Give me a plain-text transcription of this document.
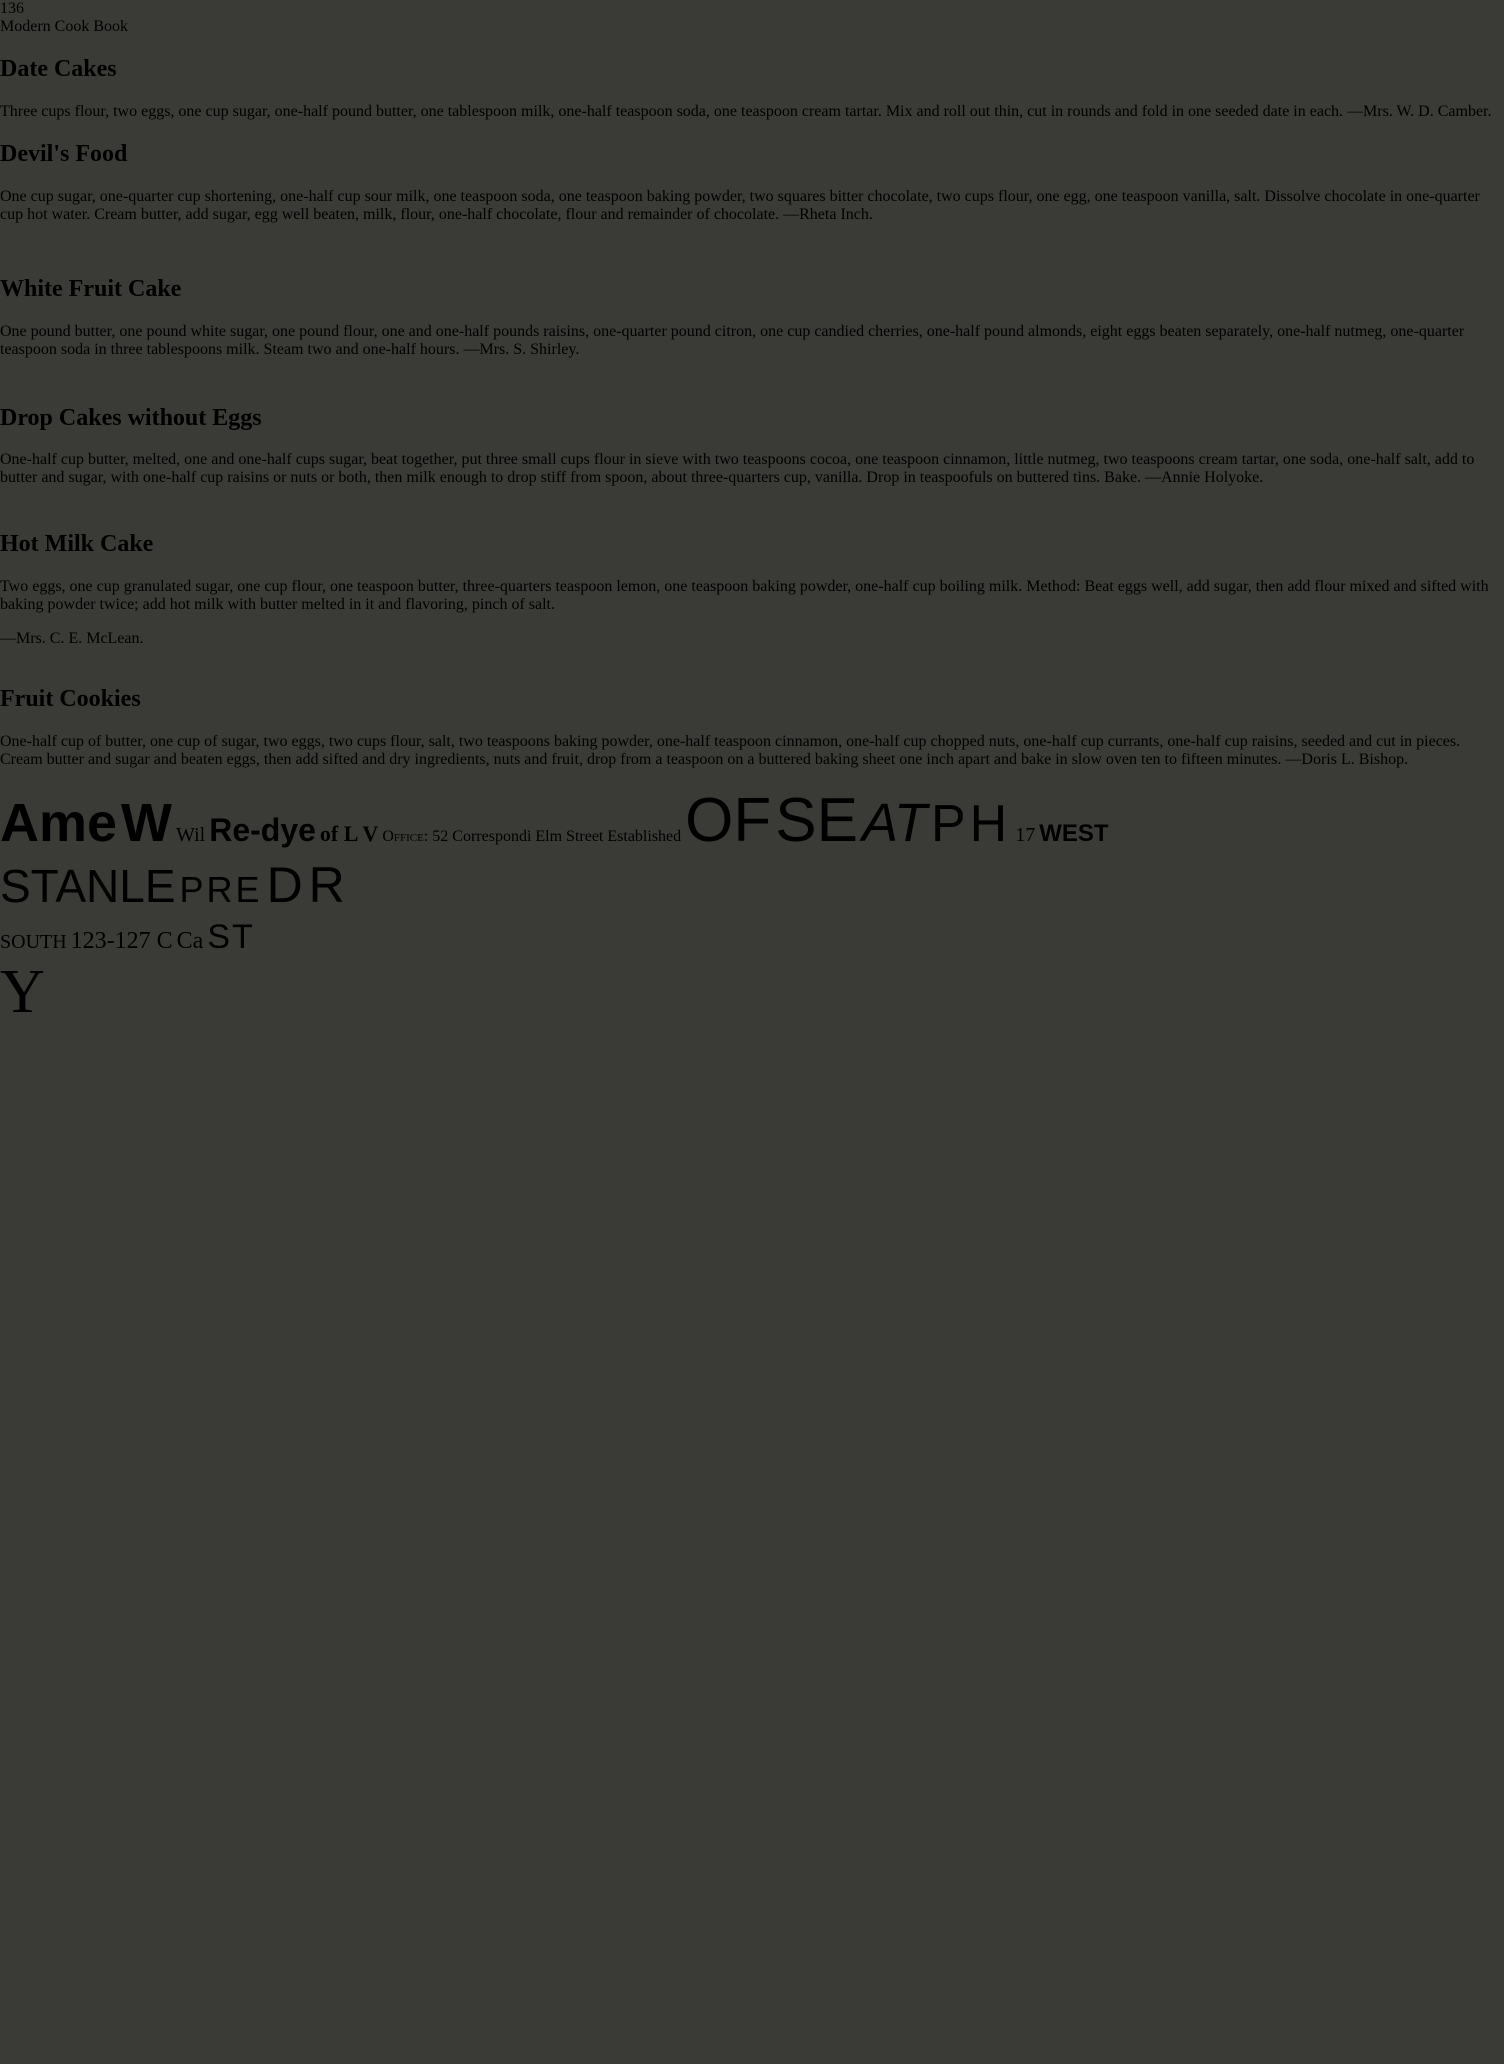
136
Modern Cook Book
Date Cakes

Three cups flour, two eggs, one cup sugar, one-half pound butter, one tablespoon milk, one-half teaspoon soda, one teaspoon cream tartar. Mix and roll out thin, cut in rounds and fold in one seeded date in each. —Mrs. W. D. Camber.

Devil's Food

One cup sugar, one-quarter cup shortening, one-half cup sour milk, one teaspoon soda, one teaspoon baking powder, two squares bitter chocolate, two cups flour, one egg, one teaspoon vanilla, salt. Dissolve chocolate in one-quarter cup hot water. Cream butter, add sugar, egg well beaten, milk, flour, one-half chocolate, flour and remainder of chocolate. —Rheta Inch.

White Fruit Cake

One pound butter, one pound white sugar, one pound flour, one and one-half pounds raisins, one-quarter pound citron, one cup candied cherries, one-half pound almonds, eight eggs beaten separately, one-half nutmeg, one-quarter teaspoon soda in three tablespoons milk. Steam two and one-half hours. —Mrs. S. Shirley.

Drop Cakes without Eggs

One-half cup butter, melted, one and one-half cups sugar, beat together, put three small cups flour in sieve with two teaspoons cocoa, one teaspoon cinnamon, little nutmeg, two teaspoons cream tartar, one soda, one-half salt, add to butter and sugar, with one-half cup raisins or nuts or both, then milk enough to drop stiff from spoon, about three-quarters cup, vanilla. Drop in teaspoofuls on buttered tins. Bake. —Annie Holyoke.

Hot Milk Cake

Two eggs, one cup granulated sugar, one cup flour, one teaspoon butter, three-quarters teaspoon lemon, one teaspoon baking powder, one-half cup boiling milk. Method: Beat eggs well, add sugar, then add flour mixed and sifted with baking powder twice; add hot milk with butter melted in it and flavoring, pinch of salt.

—Mrs. C. E. McLean.
Fruit Cookies

One-half cup of butter, one cup of sugar, two eggs, two cups flour, salt, two teaspoons baking powder, one-half teaspoon cinnamon, one-half cup chopped nuts, one-half cup currants, one-half cup raisins, seeded and cut in pieces. Cream butter and sugar and beaten eggs, then add sifted and dry ingredients, nuts and fruit, drop from a teaspoon on a buttered baking sheet one inch apart and bake in slow oven ten to fifteen minutes. —Doris L. Bishop.

Ame W Wil Re-dye of L V Office: 52 Correspondi Elm Street Established OF SE AT PH 17 WEST
STANLE PRE DR
SOUTH 123-127 C Ca ST
Y
